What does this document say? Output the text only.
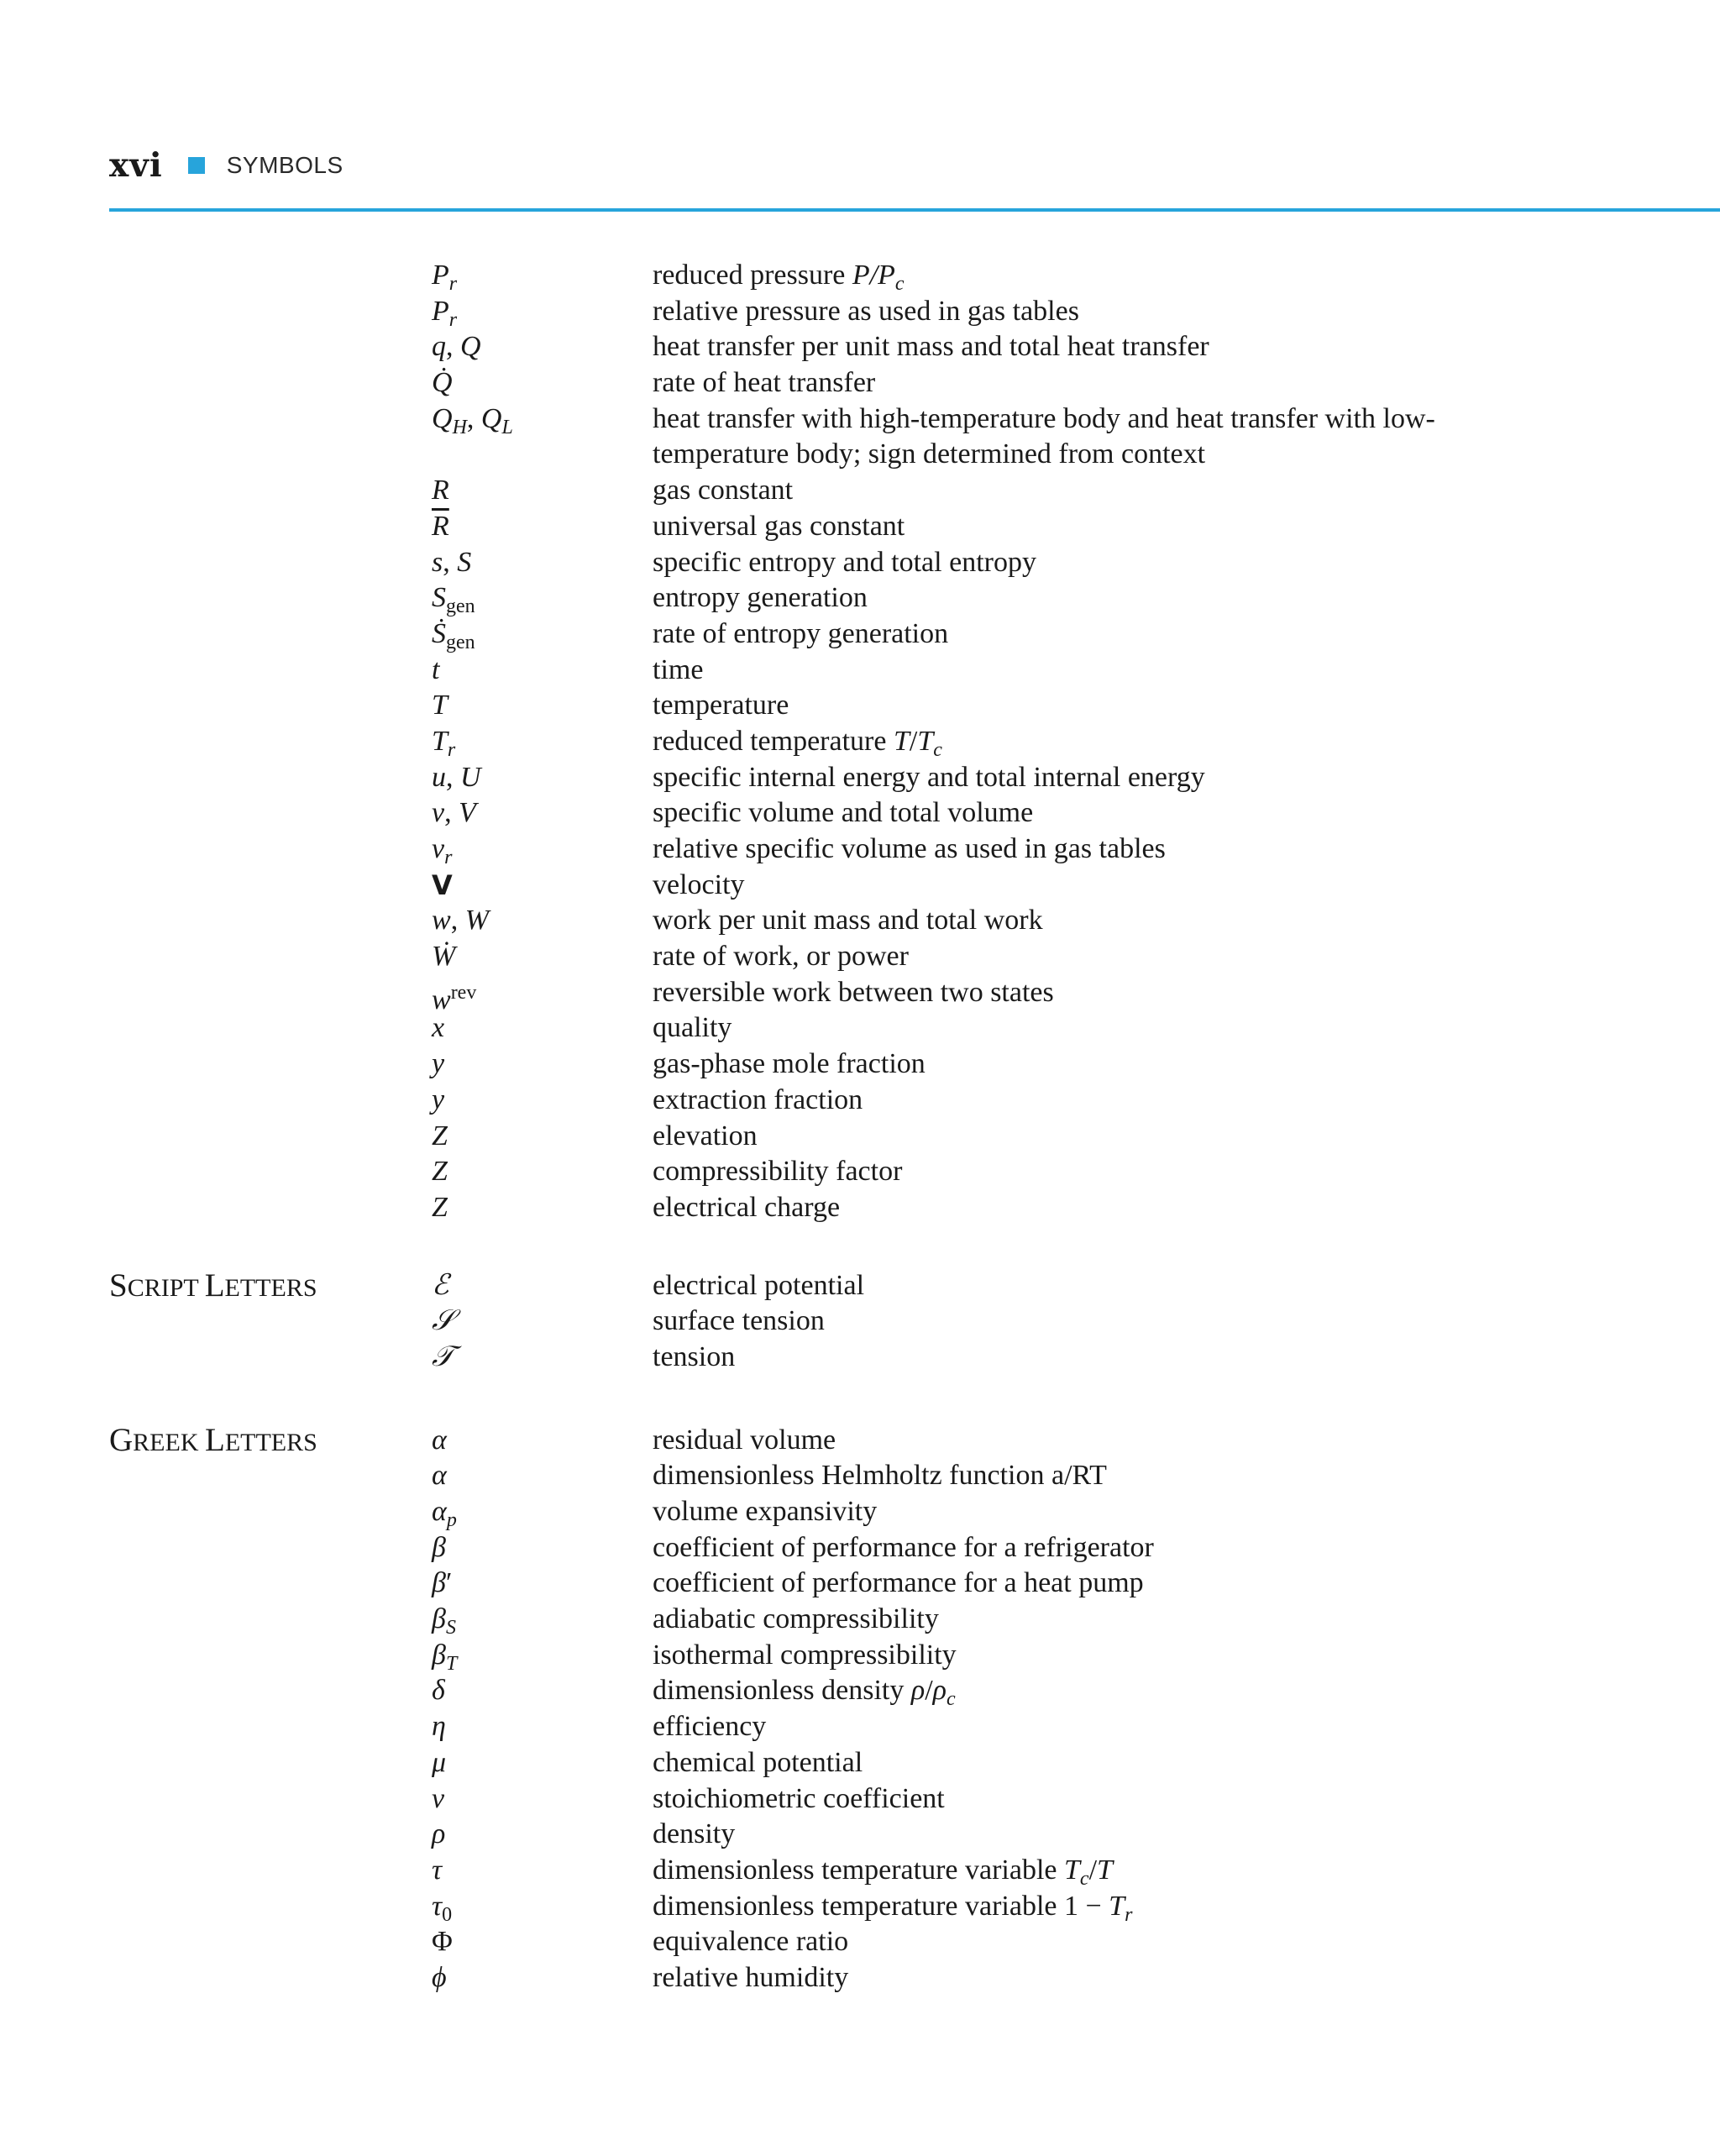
xvi	SYMBOLS
SCRIPT LETTERS
GREEK LETTERS
$P_r$	reduced pressure $P/P_c$
$P_r$	relative pressure as used in gas tables
q, Q	heat transfer per unit mass and total heat transfer
Q̇	rate of heat transfer
$Q_H$, $Q_L$	heat transfer with high-temperature body and heat transfer with low-temperature body; sign determined from context
R	gas constant
$\overline{R}$	universal gas constant
s, S	specific entropy and total entropy
$S_{gen}$	entropy generation
Ṡ$_{gen}$	rate of entropy generation
t	time
T	temperature
$T_r$	reduced temperature $T/T_c$
u, U	specific internal energy and total internal energy
v, V	specific volume and total volume
$v_r$	relative specific volume as used in gas tables
V	velocity
w, W	work per unit mass and total work
Ẇ	rate of work, or power
$w^{rev}$	reversible work between two states
x	quality
y	gas-phase mole fraction
y	extraction fraction
Z	elevation
Z	compressibility factor
Z	electrical charge
ℰ	electrical potential
𝒮	surface tension
𝒯	tension
α	residual volume
α	dimensionless Helmholtz function a/RT
$\alpha_p$	volume expansivity
β	coefficient of performance for a refrigerator
β′	coefficient of performance for a heat pump
$\beta_S$	adiabatic compressibility
$\beta_T$	isothermal compressibility
δ	dimensionless density $\rho/\rho_c$
η	efficiency
μ	chemical potential
ν	stoichiometric coefficient
ρ	density
τ	dimensionless temperature variable $T_c/T$
$\tau_0$	dimensionless temperature variable $1 - T_r$
Φ	equivalence ratio
ϕ	relative humidity
